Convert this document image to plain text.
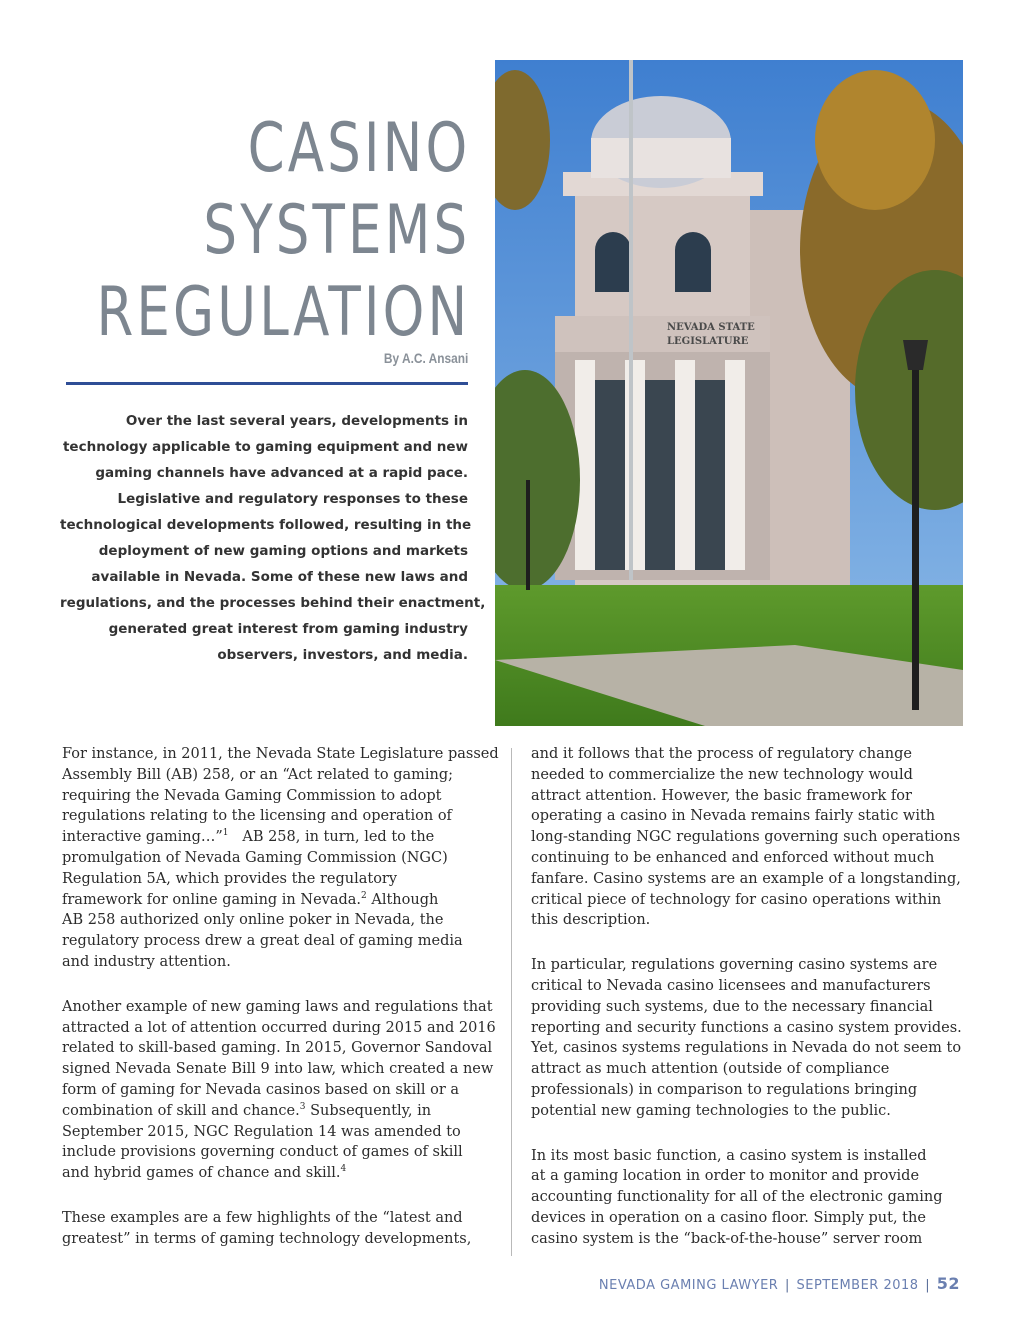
CASINO
SYSTEMS
REGULATION
By A.C. Ansani
Over the last several years, developments in
technology applicable to gaming equipment and new
gaming channels have advanced at a rapid pace.
Legislative and regulatory responses to these
technological developments followed, resulting in the
deployment of new gaming options and markets
available in Nevada. Some of these new laws and
regulations, and the processes behind their enactment,
generated great interest from gaming industry
observers, investors, and media.
NEVADA STATE
LEGISLATURE

For instance, in 2011, the Nevada State Legislature passed
Assembly Bill (AB) 258, or an “Act related to gaming;
requiring the Nevada Gaming Commission to adopt
regulations relating to the licensing and operation of
interactive gaming…”$^1$ AB 258, in turn, led to the
promulgation of Nevada Gaming Commission (NGC)
Regulation 5A, which provides the regulatory
framework for online gaming in Nevada.$^2$ Although
AB 258 authorized only online poker in Nevada, the
regulatory process drew a great deal of gaming media
and industry attention.

Another example of new gaming laws and regulations that
attracted a lot of attention occurred during 2015 and 2016
related to skill-based gaming. In 2015, Governor Sandoval
signed Nevada Senate Bill 9 into law, which created a new
form of gaming for Nevada casinos based on skill or a
combination of skill and chance.$^3$ Subsequently, in
September 2015, NGC Regulation 14 was amended to
include provisions governing conduct of games of skill
and hybrid games of chance and skill.$^4$

These examples are a few highlights of the “latest and
greatest” in terms of gaming technology developments,

and it follows that the process of regulatory change
needed to commercialize the new technology would
attract attention. However, the basic framework for
operating a casino in Nevada remains fairly static with
long-standing NGC regulations governing such operations
continuing to be enhanced and enforced without much
fanfare. Casino systems are an example of a longstanding,
critical piece of technology for casino operations within
this description.

In particular, regulations governing casino systems are
critical to Nevada casino licensees and manufacturers
providing such systems, due to the necessary financial
reporting and security functions a casino system provides.
Yet, casinos systems regulations in Nevada do not seem to
attract as much attention (outside of compliance
professionals) in comparison to regulations bringing
potential new gaming technologies to the public.

In its most basic function, a casino system is installed
at a gaming location in order to monitor and provide
accounting functionality for all of the electronic gaming
devices in operation on a casino floor. Simply put, the
casino system is the “back-of-the-house” server room

NEVADA GAMING LAWYER | SEPTEMBER 2018 | 52
